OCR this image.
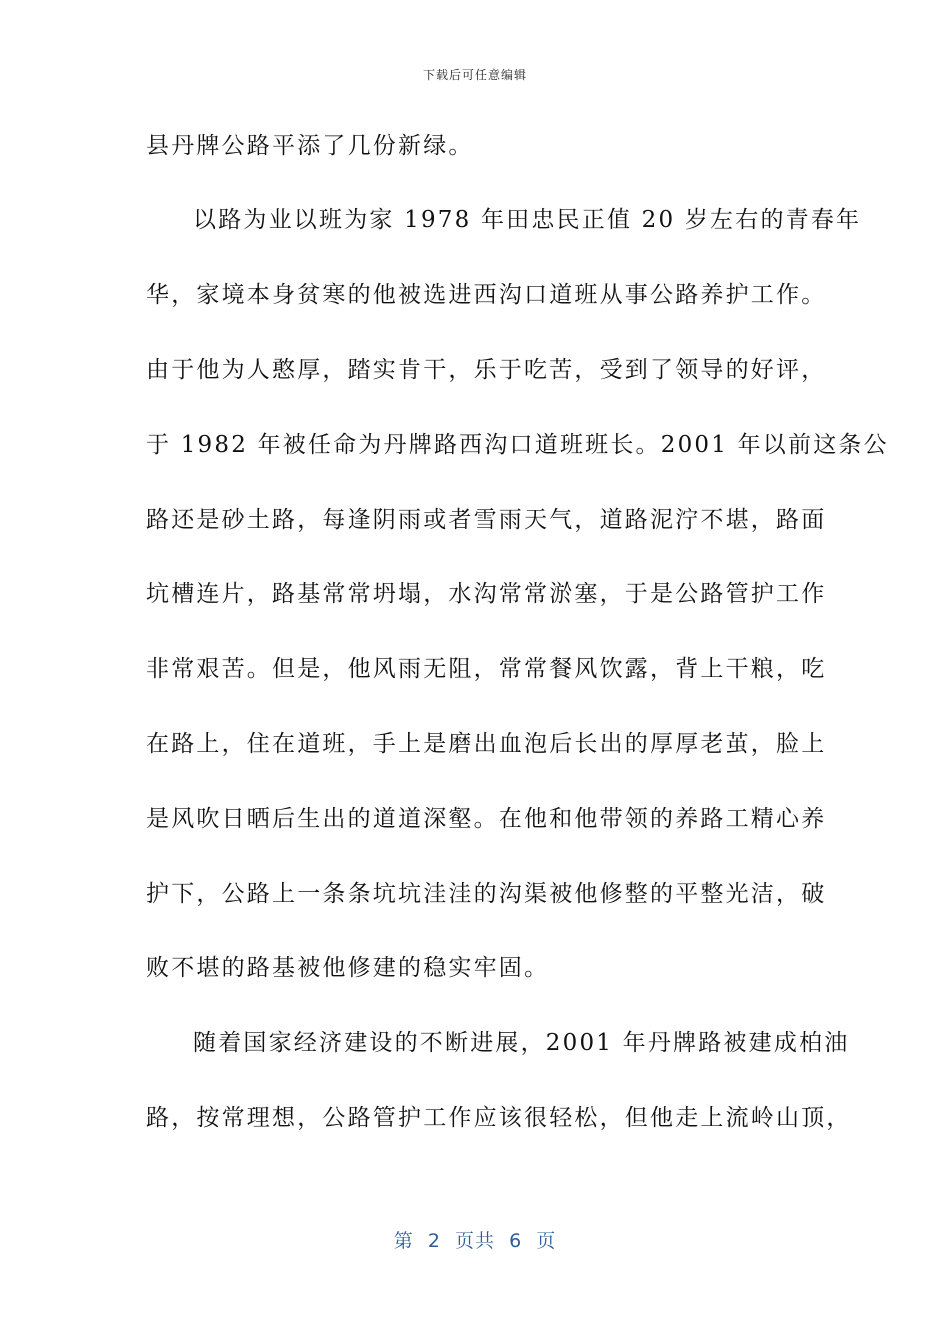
下载后可任意编辑
县丹牌公路平添了几份新绿。
以路为业以班为家 1978 年田忠民正值 20 岁左右的青春年
华，家境本身贫寒的他被选进西沟口道班从事公路养护工作。
由于他为人憨厚，踏实肯干，乐于吃苦，受到了领导的好评，
于 1982 年被任命为丹牌路西沟口道班班长。2001 年以前这条公
路还是砂土路，每逢阴雨或者雪雨天气，道路泥泞不堪，路面
坑槽连片，路基常常坍塌，水沟常常淤塞，于是公路管护工作
非常艰苦。但是，他风雨无阻，常常餐风饮露，背上干粮，吃
在路上，住在道班，手上是磨出血泡后长出的厚厚老茧，脸上
是风吹日晒后生出的道道深壑。在他和他带领的养路工精心养
护下，公路上一条条坑坑洼洼的沟渠被他修整的平整光洁，破
败不堪的路基被他修建的稳实牢固。
随着国家经济建设的不断进展，2001 年丹牌路被建成柏油
路，按常理想，公路管护工作应该很轻松，但他走上流岭山顶，
第  2  页共  6  页
